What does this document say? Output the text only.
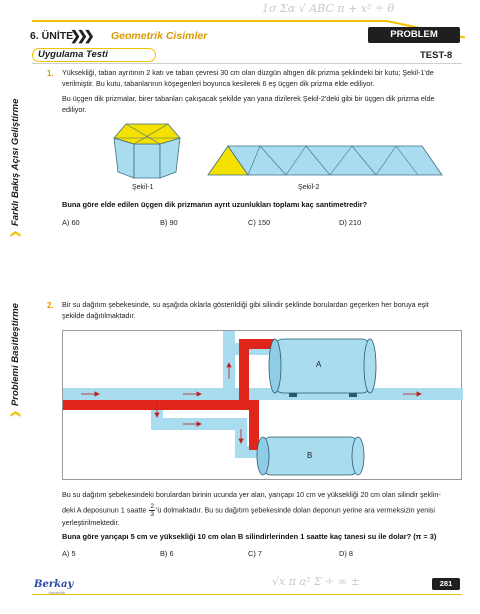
1σ Σα √ ABC π + x² ÷ θ
6. ÜNİTE
❯❯❯ Geometrik Cisimler	PROBLEM REHBERİ
Uygulama Testi	TEST-8
❯Farklı Bakış Açısı Geliştirme
❯Problemi Basitleştirme
1. Yüksekliği, taban ayrıtının 2 katı ve taban çevresi 30 cm olan düzgün altıgen dik prizma şeklindeki bir kutu; Şekil-1'de
verilmiştir. Bu kutu, tabanlarının köşegenleri boyunca kesilerek 6 eş üçgen dik prizma elde ediliyor.
Bu üçgen dik prizmalar, birer tabanları çakışacak şekilde yan yana dizilerek Şekil-2'deki gibi bir üçgen dik prizma elde
ediliyor.
Şekil-1	Şekil-2
Buna göre elde edilen üçgen dik prizmanın ayrıt uzunlukları toplamı kaç santimetredir?
A) 60	B) 90	C) 150	D) 210
2. Bir su dağıtım şebekesinde, su aşağıda oklarla gösterildiği gibi silindir şeklinde borulardan geçerken her boruya eşit
şekilde dağıtılmaktadır.
A
B
Bu su dağıtım şebekesindeki borulardan birinin ucunda yer alan, yarıçapı 10 cm ve yüksekliği 20 cm olan silindir şeklin-
deki A deposunun 1 saatte $\frac{2}{3}$ 'ü dolmaktadır. Bu su dağıtım şebekesinde dolan deponun yerine ara vermeksizin yenisi
yerleştirilmektedir.
Buna göre yarıçapı 5 cm ve yüksekliği 10 cm olan B silindirlerinden 1 saatte kaç tanesi su ile dolar? (π = 3)
A) 5	B) 6	C) 7	D) 8
√x π a² Σ ÷ ∞ ±
Berkay
Yayıncılık
281
